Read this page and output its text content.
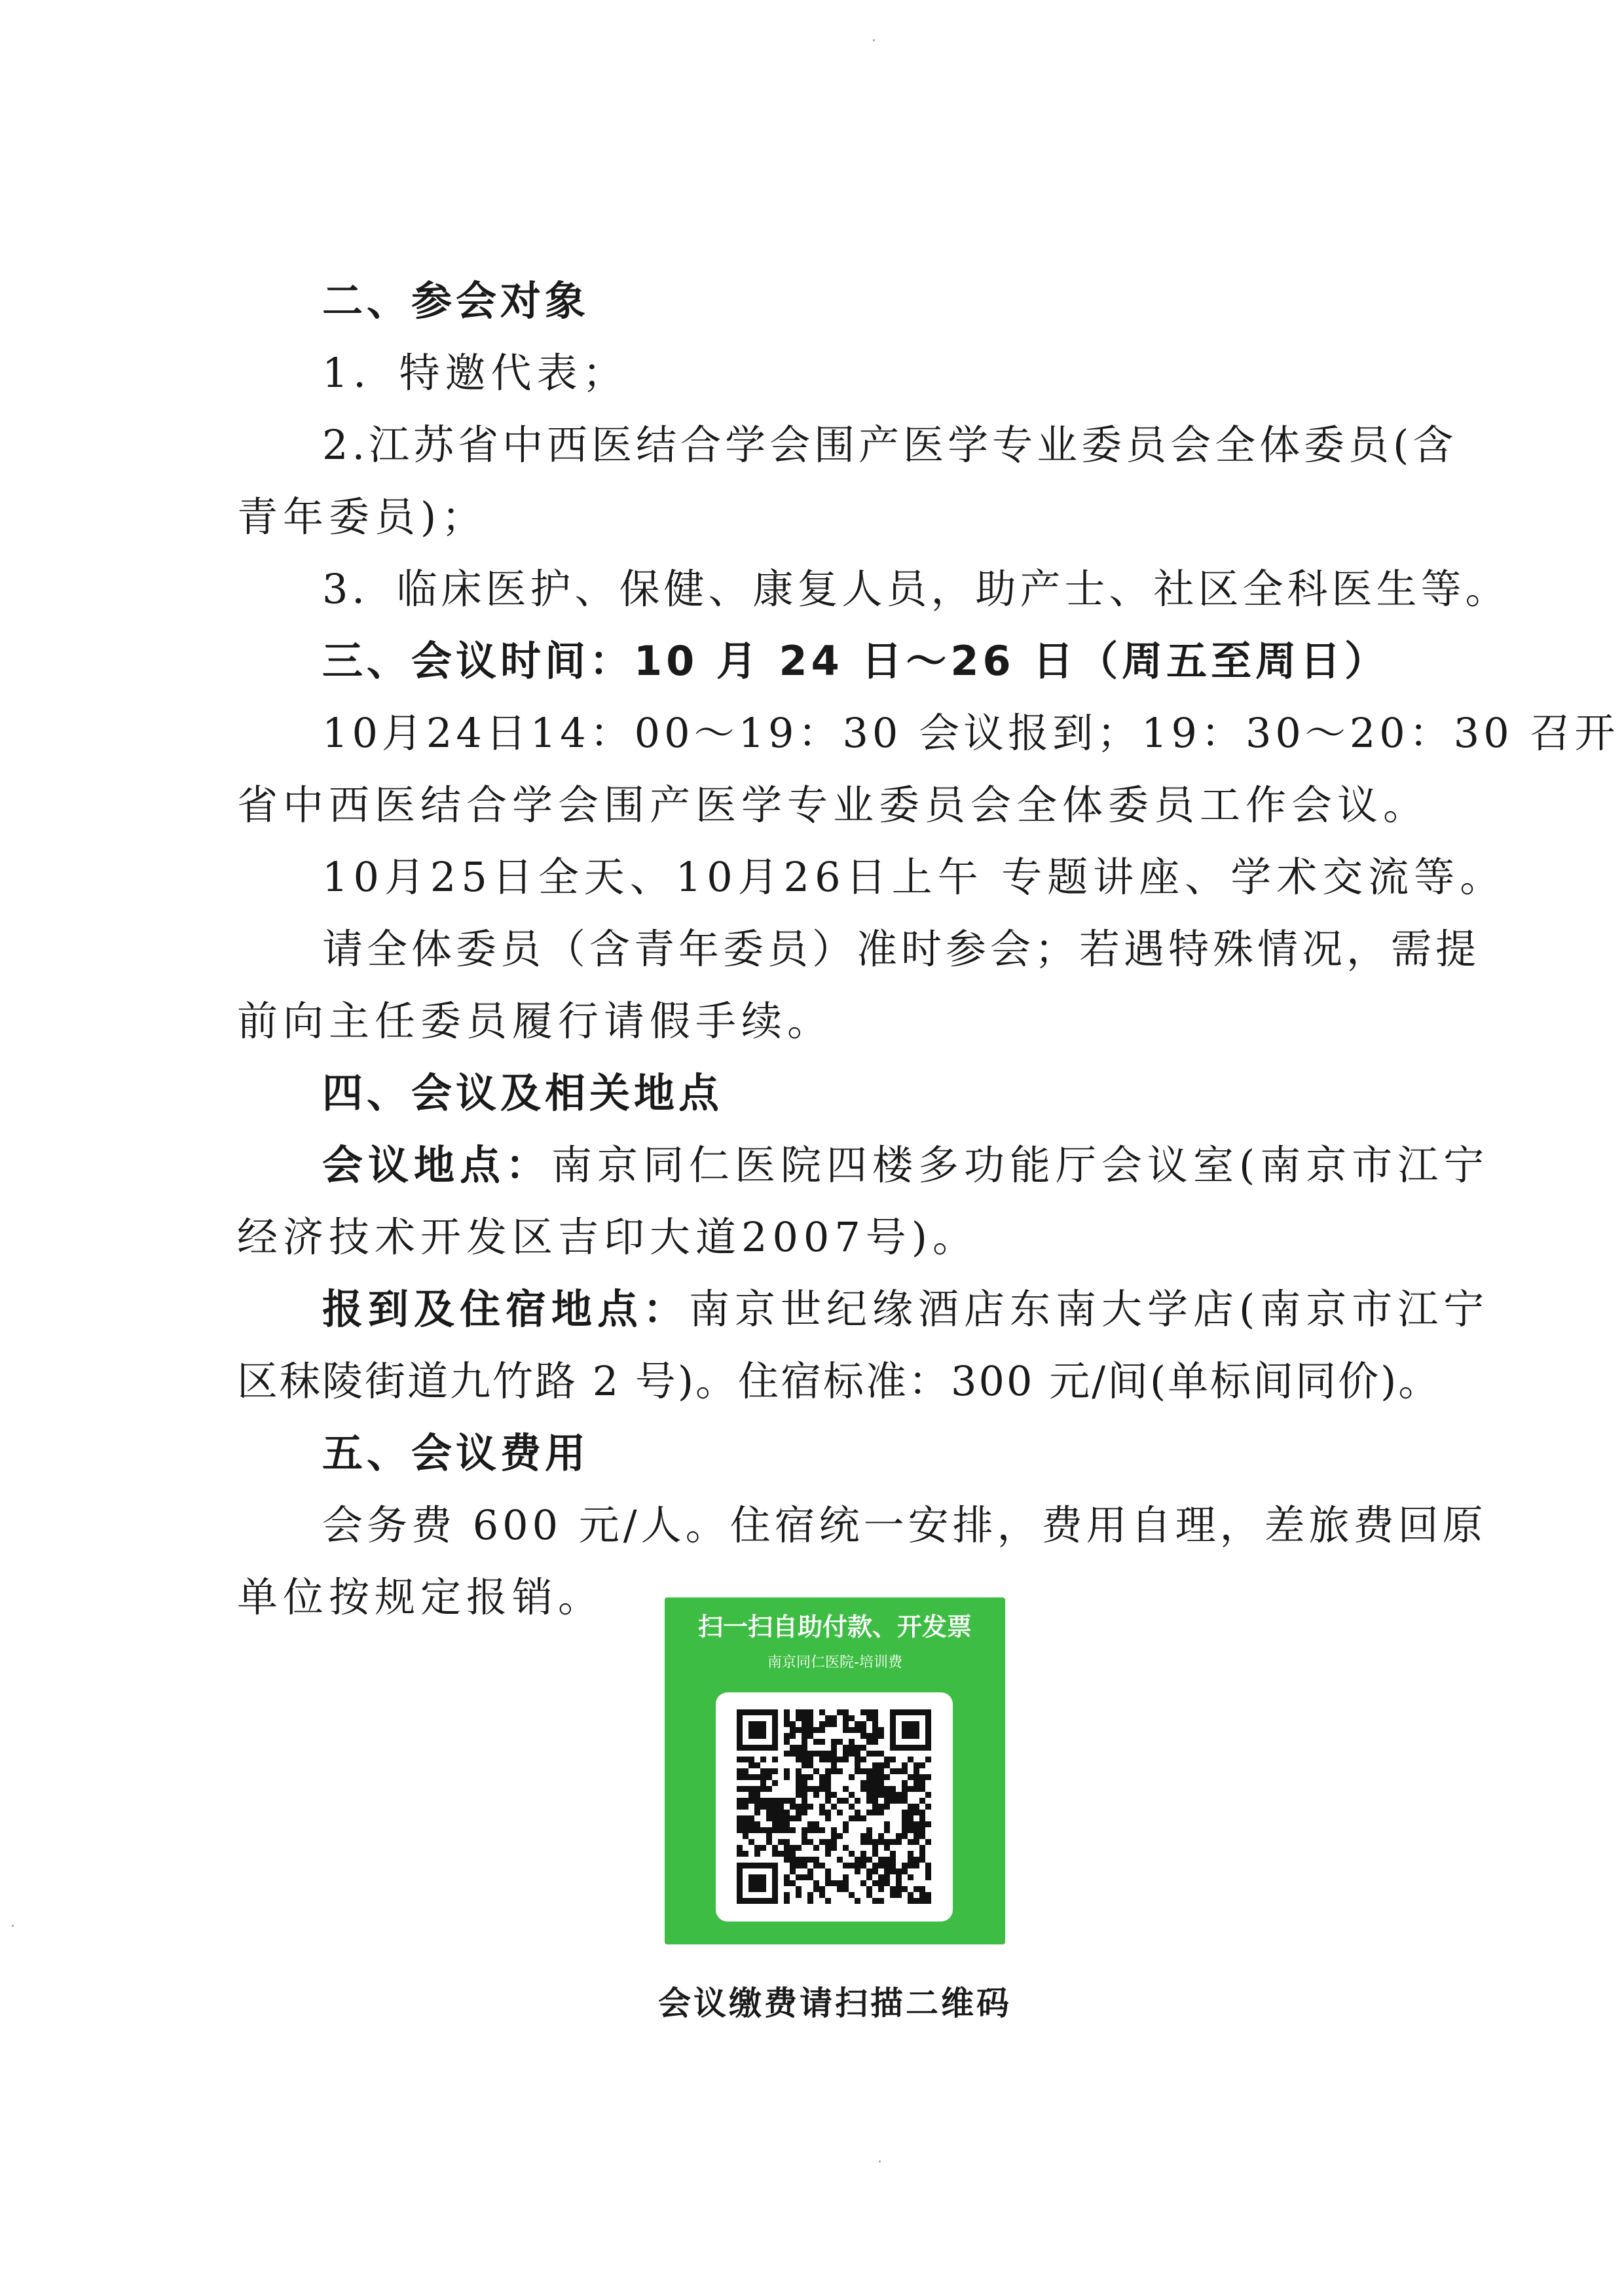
二、参会对象
1．特邀代表；
2.江苏省中西医结合学会围产医学专业委员会全体委员(含
青年委员)；
3．临床医护、保健、康复人员，助产士、社区全科医生等。
三、会议时间：10 月 24 日～26 日（周五至周日）
10月24日14：00～19：30 会议报到；19：30～20：30 召开
省中西医结合学会围产医学专业委员会全体委员工作会议。
10月25日全天、10月26日上午 专题讲座、学术交流等。
请全体委员（含青年委员）准时参会；若遇特殊情况，需提
前向主任委员履行请假手续。
四、会议及相关地点
会议地点： 南京同仁医院四楼多功能厅会议室(南京市江宁
经济技术开发区吉印大道2007号)。
报到及住宿地点： 南京世纪缘酒店东南大学店(南京市江宁
区秣陵街道九竹路 2 号)。住宿标准：300 元/间(单标间同价)。
五、会议费用
会务费 600 元/人。住宿统一安排，费用自理，差旅费回原
单位按规定报销。
扫一扫自助付款、开发票
南京同仁医院-培训费
会议缴费请扫描二维码
